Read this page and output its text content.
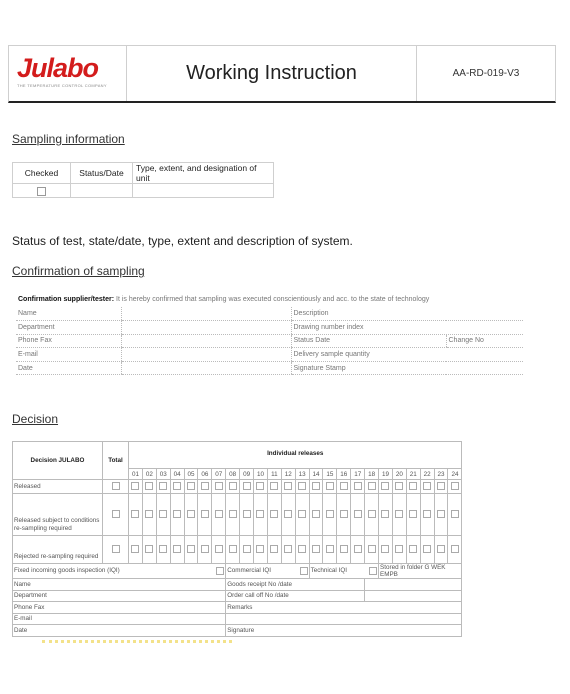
Julabo
THE TEMPERATURE CONTROL COMPANY
Working Instruction	AA-RD-019-V3
Sampling information
Checked	Status/Date	Type, extent, and designation of unit

Status of test, state/date, type, extent and description of system.
Confirmation of sampling
Confirmation supplier/tester: It is hereby confirmed that sampling was executed conscientiously and acc. to the state of technology
Name		Description	
Department		Drawing number index	
Phone Fax		Status Date	Change No
E-mail		Delivery sample quantity	
Date		Signature Stamp	
Decision
Decision JULABO	Total	Individual releases																							
		01	02	03	04	05	06	07	08	09	10	11	12	13	14	15	16	17	18	19	20	21	22	23	24
Released																									
Released subject to conditions re-sampling required																									
Rejected re-sampling required																									
Fixed incoming goods inspection (IQI)									Commercial IQI						Technical IQI					Stored in folder G WEK EMPB					
Name									Goods receipt No /date																
Department									Order call off No /date																
Phone Fax									Remarks																
E-mail																									
Date									Signature																
